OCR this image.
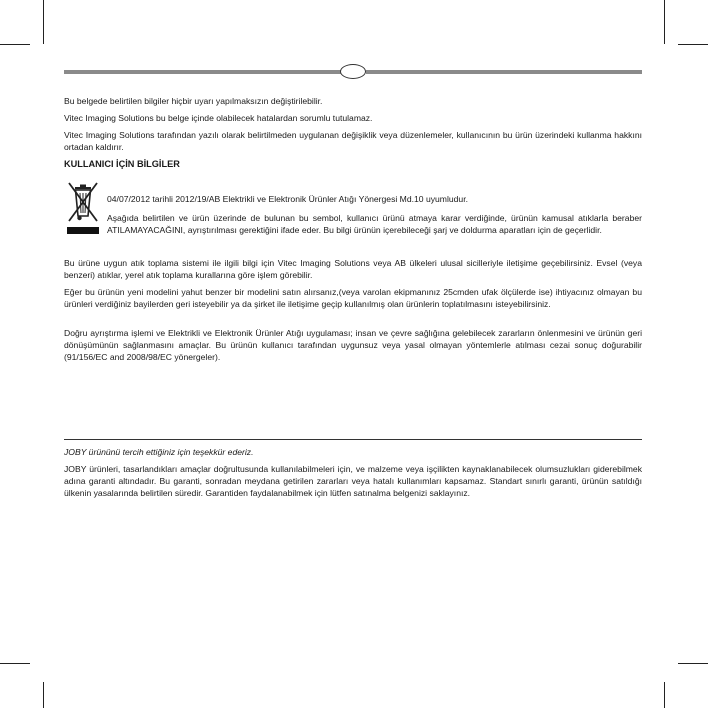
Bu belgede belirtilen bilgiler hiçbir uyarı yapılmaksızın değiştirilebilir.

Vitec Imaging Solutions bu belge içinde olabilecek hatalardan sorumlu tutulamaz.

Vitec Imaging Solutions tarafından yazılı olarak belirtilmeden uygulanan değişiklik veya düzenlemeler, kullanıcının bu ürün üzerindeki kullanma hakkını ortadan kaldırır.

KULLANICI İÇİN BİLGİLER

04/07/2012 tarihli 2012/19/AB Elektrikli ve Elektronik Ürünler Atığı Yönergesi Md.10 uyumludur.

Aşağıda belirtilen ve ürün üzerinde de bulunan bu sembol, kullanıcı ürünü atmaya karar verdiğinde, ürünün kamusal atıklarla beraber ATILAMAYACAĞINI, ayrıştırılması gerektiğini ifade eder. Bu bilgi ürünün içerebileceği şarj ve doldurma aparatları için de geçerlidir.

Bu ürüne uygun atık toplama sistemi ile ilgili bilgi için Vitec Imaging Solutions veya AB ülkeleri ulusal sicilleriyle iletişime geçebilirsiniz. Evsel (veya benzeri) atıklar, yerel atık toplama kurallarına göre işlem görebilir.

Eğer bu ürünün yeni modelini yahut benzer bir modelini satın alırsanız,(veya varolan ekipmanınız 25cmden ufak ölçülerde ise) ihtiyacınız olmayan bu ürünleri verdiğiniz bayilerden geri isteyebilir ya da şirket ile iletişime geçip kullanılmış olan ürünlerin toplatılmasını isteyebilirsiniz.

Doğru ayrıştırma işlemi ve Elektrikli ve Elektronik Ürünler Atığı uygulaması; insan ve çevre sağlığına gelebilecek zararların önlenmesini ve ürünün geri dönüşümünün sağlanmasını amaçlar. Bu ürünün kullanıcı tarafından uygunsuz veya yasal olmayan yöntemlerle atılması cezai sonuç doğurabilir (91/156/EC and 2008/98/EC yönergeler).

JOBY ürününü tercih ettiğiniz için teşekkür ederiz.

JOBY ürünleri, tasarlandıkları amaçlar doğrultusunda kullanılabilmeleri için, ve malzeme veya işçilikten kaynaklanabilecek olumsuzlukları giderebilmek adına garanti altındadır. Bu garanti, sonradan meydana getirilen zararları veya hatalı kullanımları kapsamaz. Standart sınırlı garanti, ürünün satıldığı ülkenin yasalarında belirtilen süredir. Garantiden faydalanabilmek için lütfen satınalma belgenizi saklayınız.
